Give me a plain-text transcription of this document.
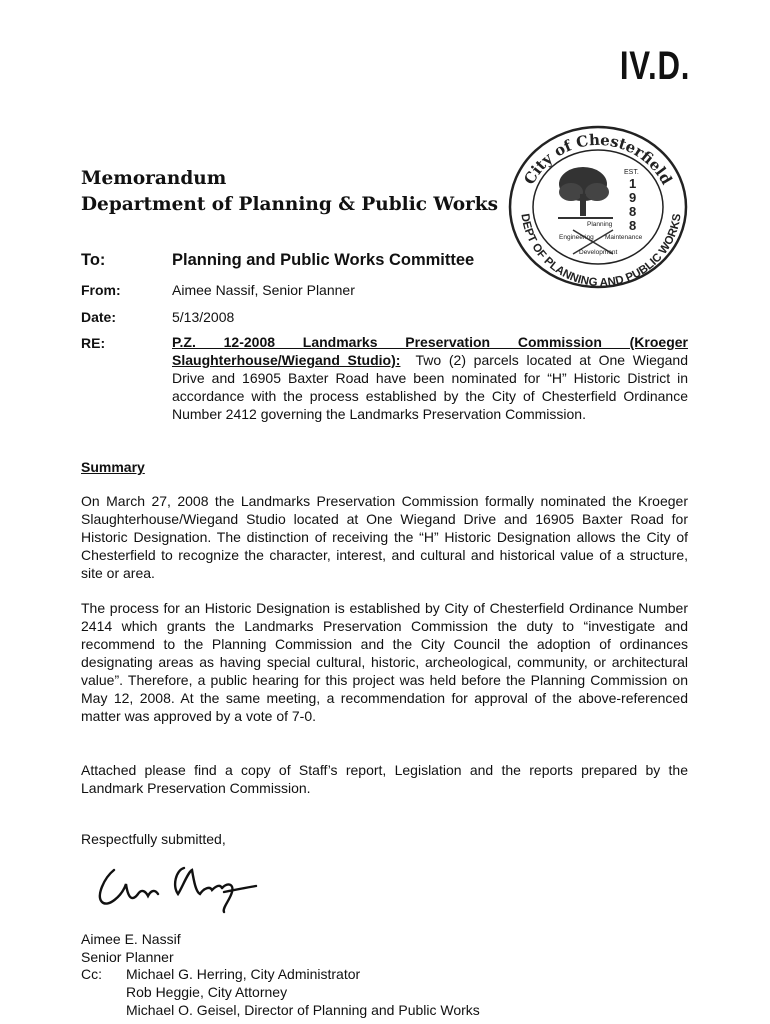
IV.D.
City of Chesterfield
DEPT OF PLANNING AND PUBLIC WORKS
EST.
1
9
8
8
Planning
Engineering Maintenance
Development
Memorandum
Department of Planning & Public Works
To:	Planning and Public Works Committee
From:	Aimee Nassif, Senior Planner
Date:	5/13/2008
RE:	P.Z. 12-2008 Landmarks Preservation Commission (Kroeger Slaughterhouse/Wiegand Studio): Two (2) parcels located at One Wiegand Drive and 16905 Baxter Road have been nominated for “H” Historic District in accordance with the process established by the City of Chesterfield Ordinance Number 2412 governing the Landmarks Preservation Commission.
Summary
On March 27, 2008 the Landmarks Preservation Commission formally nominated the Kroeger Slaughterhouse/Wiegand Studio located at One Wiegand Drive and 16905 Baxter Road for Historic Designation. The distinction of receiving the “H” Historic Designation allows the City of Chesterfield to recognize the character, interest, and cultural and historical value of a structure, site or area.
The process for an Historic Designation is established by City of Chesterfield Ordinance Number 2414 which grants the Landmarks Preservation Commission the duty to “investigate and recommend to the Planning Commission and the City Council the adoption of ordinances designating areas as having special cultural, historic, archeological, community, or architectural value”. Therefore, a public hearing for this project was held before the Planning Commission on May 12, 2008. At the same meeting, a recommendation for approval of the above-referenced matter was approved by a vote of 7-0.
Attached please find a copy of Staff’s report, Legislation and the reports prepared by the Landmark Preservation Commission.
Respectfully submitted,
Aimee E. Nassif
Senior Planner
Cc: Michael G. Herring, City Administrator
Rob Heggie, City Attorney
Michael O. Geisel, Director of Planning and Public Works
